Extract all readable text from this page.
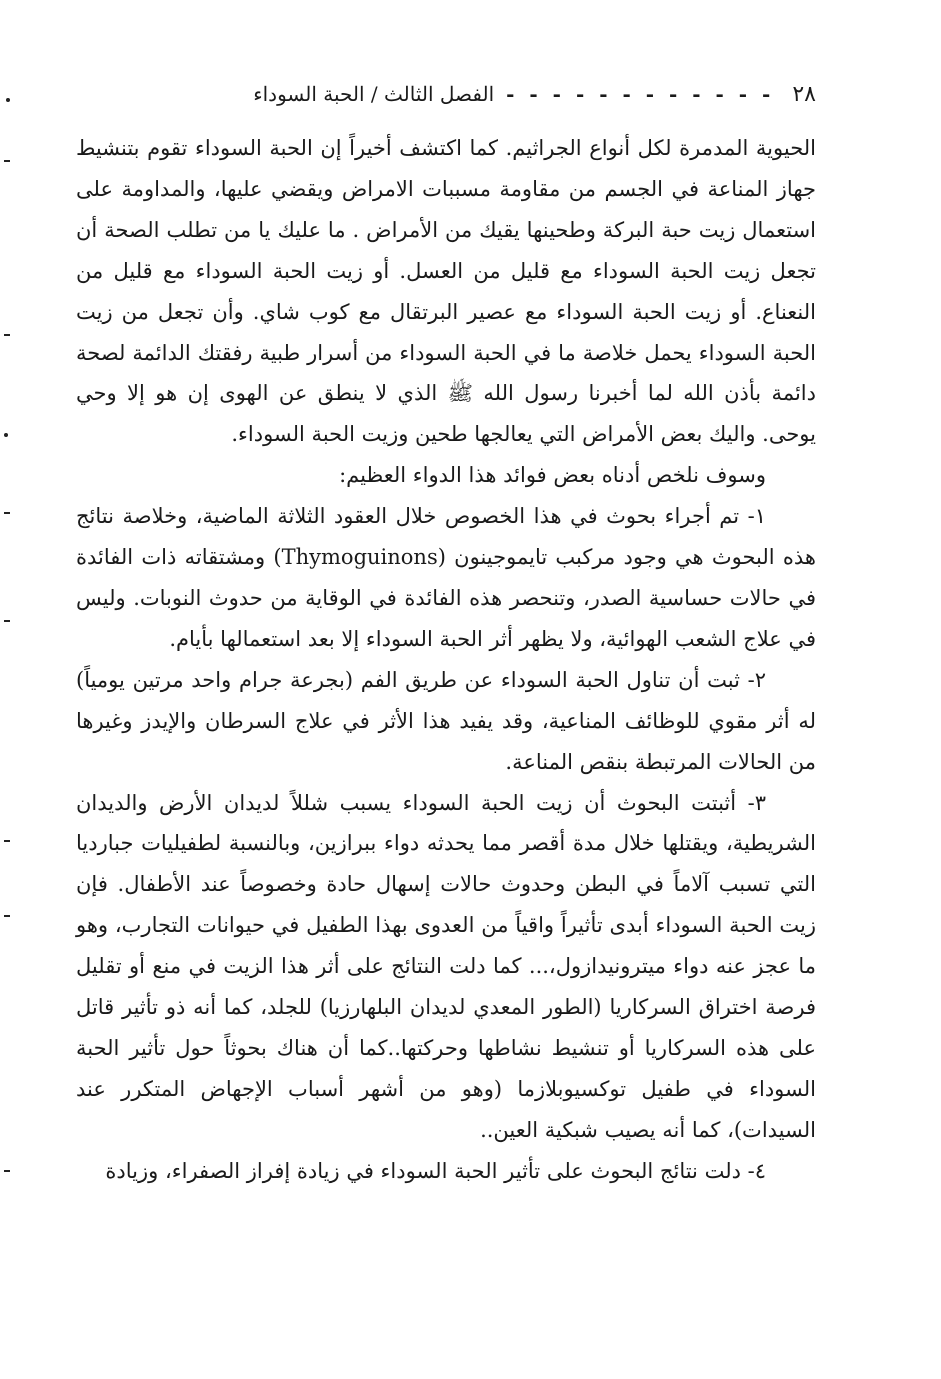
٢٨
- - - - - - - - - - - -
الفصل الثالث / الحبة السوداء

الحيوية المدمرة لكل أنواع الجراثيم. كما اكتشف أخيراً إن الحبة السوداء تقوم بتنشيط جهاز المناعة في الجسم من مقاومة مسببات الامراض ويقضي عليها، والمداومة على استعمال زيت حبة البركة وطحينها يقيك من الأمراض . ما عليك يا من تطلب الصحة أن تجعل زيت الحبة السوداء مع قليل من العسل. أو زيت الحبة السوداء مع قليل من النعناع. أو زيت الحبة السوداء مع عصير البرتقال مع كوب شاي. وأن تجعل من زيت الحبة السوداء يحمل خلاصة ما في الحبة السوداء من أسرار طبية رفقتك الدائمة لصحة دائمة بأذن الله لما أخبرنا رسول الله ﷺ الذي لا ينطق عن الهوى إن هو إلا وحي يوحى. واليك بعض الأمراض التي يعالجها طحين وزيت الحبة السوداء.

وسوف نلخص أدناه بعض فوائد هذا الدواء العظيم:

١- تم أجراء بحوث في هذا الخصوص خلال العقود الثلاثة الماضية، وخلاصة نتائج هذه البحوث هي وجود مركبب تايموجينون (Thymoguinons) ومشتقاته ذات الفائدة في حالات حساسية الصدر، وتنحصر هذه الفائدة في الوقاية من حدوث النوبات. وليس في علاج الشعب الهوائية، ولا يظهر أثر الحبة السوداء إلا بعد استعمالها بأيام.

٢- ثبت أن تناول الحبة السوداء عن طريق الفم (بجرعة جرام واحد مرتين يومياً) له أثر مقوي للوظائف المناعية، وقد يفيد هذا الأثر في علاج السرطان والإيدز وغيرها من الحالات المرتبطة بنقص المناعة.

٣- أثبتت البحوث أن زيت الحبة السوداء يسبب شللاً لديدان الأرض والديدان الشريطية، ويقتلها خلال مدة أقصر مما يحدثه دواء ببرازين، وبالنسبة لطفيليات جبارديا التي تسبب آلاماً في البطن وحدوث حالات إسهال حادة وخصوصاً عند الأطفال. فإن زيت الحبة السوداء أبدى تأثيراً واقياً من العدوى بهذا الطفيل في حيوانات التجارب، وهو ما عجز عنه دواء ميترونيدازول،... كما دلت النتائج على أثر هذا الزيت في منع أو تقليل فرصة اختراق السركاريا (الطور المعدي لديدان البلهارزيا) للجلد، كما أنه ذو تأثير قاتل على هذه السركاريا أو تنشيط نشاطها وحركتها..كما أن هناك بحوثاً حول تأثير الحبة السوداء في طفيل توكسيوبلازما (وهو من أشهر أسباب الإجهاض المتكرر عند السيدات)، كما أنه يصيب شبكية العين..

٤- دلت نتائج البحوث على تأثير الحبة السوداء في زيادة إفراز الصفراء، وزيادة
